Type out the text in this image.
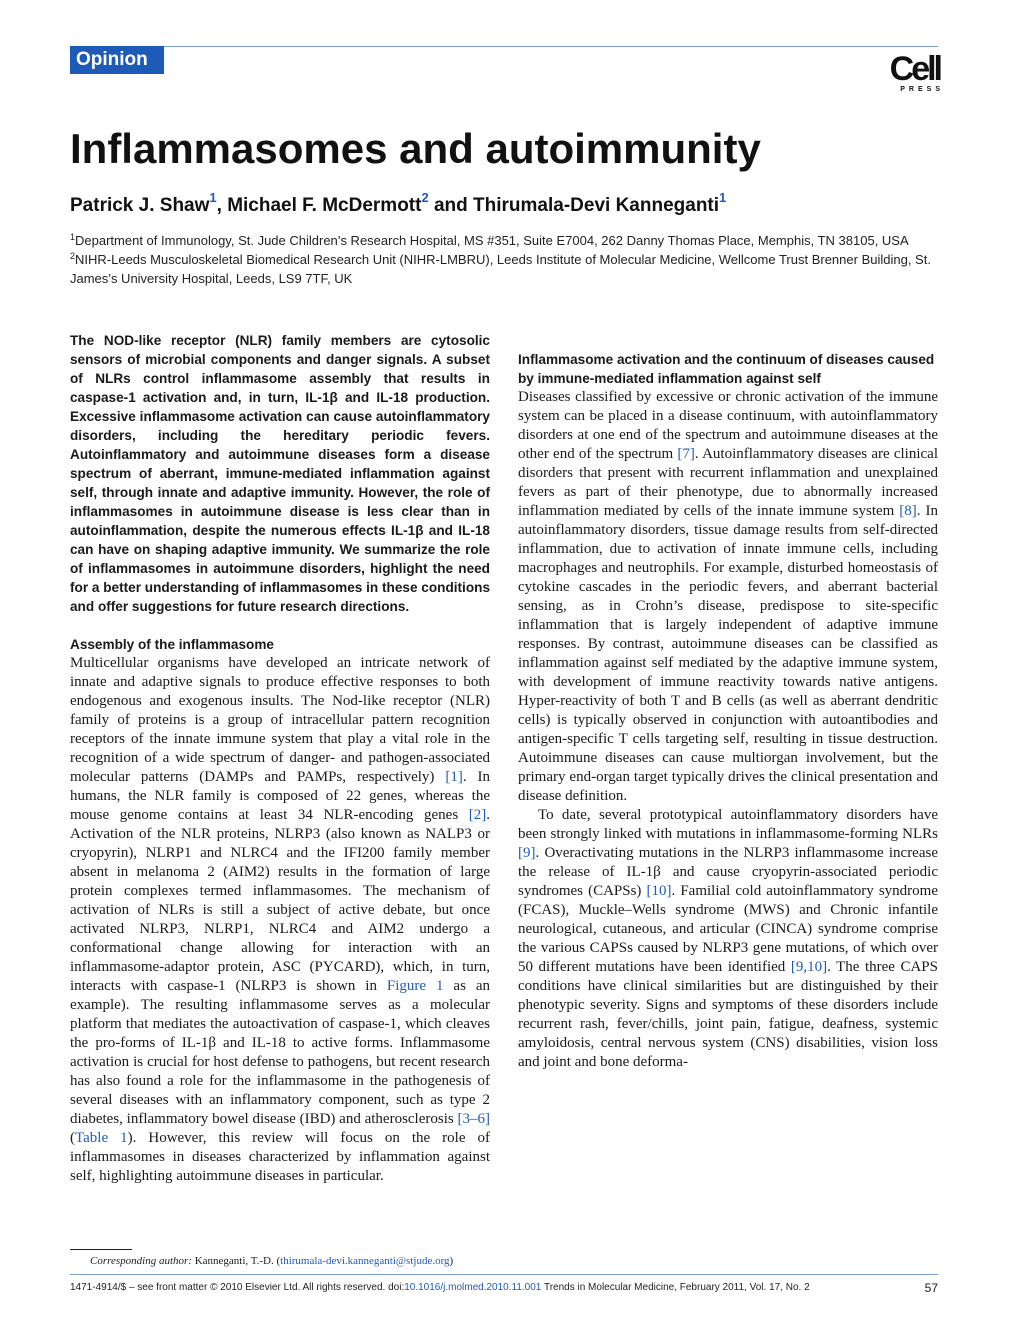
Opinion	Cell
PRESS
Inflammasomes and autoimmunity
Patrick J. Shaw$^1$, Michael F. McDermott$^2$ and Thirumala-Devi Kanneganti$^1$
$^1$Department of Immunology, St. Jude Children’s Research Hospital, MS #351, Suite E7004, 262 Danny Thomas Place, Memphis, TN 38105, USA
$^2$NIHR-Leeds Musculoskeletal Biomedical Research Unit (NIHR-LMBRU), Leeds Institute of Molecular Medicine, Wellcome Trust Brenner Building, St. James’s University Hospital, Leeds, LS9 7TF, UK

The NOD-like receptor (NLR) family members are cytosolic sensors of microbial components and danger signals. A subset of NLRs control inflammasome assembly that results in caspase-1 activation and, in turn, IL-1β and IL-18 production. Excessive inflammasome activation can cause autoinflammatory disorders, including the hereditary periodic fevers. Autoinflammatory and autoimmune diseases form a disease spectrum of aberrant, immune-mediated inflammation against self, through innate and adaptive immunity. However, the role of inflammasomes in autoimmune disease is less clear than in autoinflammation, despite the numerous effects IL-1β and IL-18 can have on shaping adaptive immunity. We summarize the role of inflammasomes in autoimmune disorders, highlight the need for a better understanding of inflammasomes in these conditions and offer suggestions for future research directions.

Assembly of the inflammasome

Multicellular organisms have developed an intricate network of innate and adaptive signals to produce effective responses to both endogenous and exogenous insults. The Nod-like receptor (NLR) family of proteins is a group of intracellular pattern recognition receptors of the innate immune system that play a vital role in the recognition of a wide spectrum of danger- and pathogen-associated molecular patterns (DAMPs and PAMPs, respectively) [1]. In humans, the NLR family is composed of 22 genes, whereas the mouse genome contains at least 34 NLR-encoding genes [2]. Activation of the NLR proteins, NLRP3 (also known as NALP3 or cryopyrin), NLRP1 and NLRC4 and the IFI200 family member absent in melanoma 2 (AIM2) results in the formation of large protein complexes termed inflammasomes. The mechanism of activation of NLRs is still a subject of active debate, but once activated NLRP3, NLRP1, NLRC4 and AIM2 undergo a conformational change allowing for interaction with an inflammasome-adaptor protein, ASC (PYCARD), which, in turn, interacts with caspase-1 (NLRP3 is shown in Figure 1 as an example). The resulting inflammasome serves as a molecular platform that mediates the autoactivation of caspase-1, which cleaves the pro-forms of IL-1β and IL-18 to active forms. Inflammasome activation is crucial for host defense to pathogens, but recent research has also found a role for the inflammasome in the pathogenesis of several diseases with an inflammatory component, such as type 2 diabetes, inflammatory bowel disease (IBD) and atherosclerosis [3–6] (Table 1). However, this review will focus on the role of inflammasomes in diseases characterized by inflammation against self, highlighting autoimmune diseases in particular.

Inflammasome activation and the continuum of diseases caused by immune-mediated inflammation against self

Diseases classified by excessive or chronic activation of the immune system can be placed in a disease continuum, with autoinflammatory disorders at one end of the spectrum and autoimmune diseases at the other end of the spectrum [7]. Autoinflammatory diseases are clinical disorders that present with recurrent inflammation and unexplained fevers as part of their phenotype, due to abnormally increased inflammation mediated by cells of the innate immune system [8]. In autoinflammatory disorders, tissue damage results from self-directed inflammation, due to activation of innate immune cells, including macrophages and neutrophils. For example, disturbed homeostasis of cytokine cascades in the periodic fevers, and aberrant bacterial sensing, as in Crohn’s disease, predispose to site-specific inflammation that is largely independent of adaptive immune responses. By contrast, autoimmune diseases can be classified as inflammation against self mediated by the adaptive immune system, with development of immune reactivity towards native antigens. Hyper-reactivity of both T and B cells (as well as aberrant dendritic cells) is typically observed in conjunction with autoantibodies and antigen-specific T cells targeting self, resulting in tissue destruction. Autoimmune diseases can cause multiorgan involvement, but the primary end-organ target typically drives the clinical presentation and disease definition.

To date, several prototypical autoinflammatory disorders have been strongly linked with mutations in inflammasome-forming NLRs [9]. Overactivating mutations in the NLRP3 inflammasome increase the release of IL-1β and cause cryopyrin-associated periodic syndromes (CAPSs) [10]. Familial cold autoinflammatory syndrome (FCAS), Muckle–Wells syndrome (MWS) and Chronic infantile neurological, cutaneous, and articular (CINCA) syndrome comprise the various CAPSs caused by NLRP3 gene mutations, of which over 50 different mutations have been identified [9,10]. The three CAPS conditions have clinical similarities but are distinguished by their phenotypic severity. Signs and symptoms of these disorders include recurrent rash, fever/chills, joint pain, fatigue, deafness, systemic amyloidosis, central nervous system (CNS) disabilities, vision loss and joint and bone deforma-

Corresponding author: Kanneganti, T.-D. (thirumala-devi.kanneganti@stjude.org)
1471-4914/$ – see front matter © 2010 Elsevier Ltd. All rights reserved. doi:10.1016/j.molmed.2010.11.001 Trends in Molecular Medicine, February 2011, Vol. 17, No. 2	57
